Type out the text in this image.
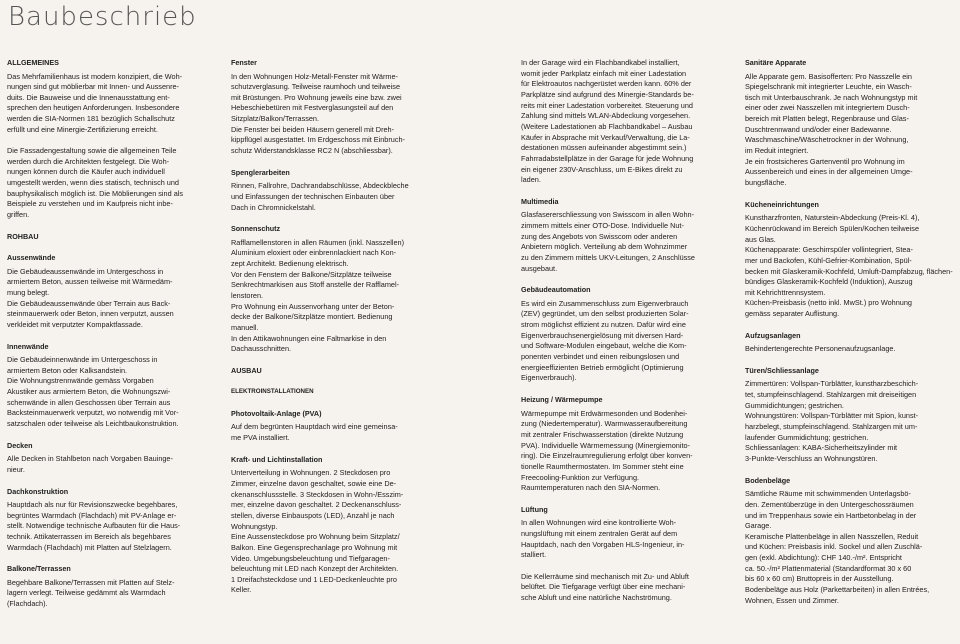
Baubeschrieb
ALLGEMEINES
Das Mehrfamilienhaus ist modern konzipiert, die Woh-
nungen sind gut möblierbar mit Innen- und Aussenre-
duits. Die Bauweise und die Innenausstattung ent-
sprechen den heutigen Anforderungen. Insbesondere
werden die SIA-Normen 181 bezüglich Schallschutz
erfüllt und eine Minergie-Zertifizierung erreicht.

Die Fassadengestaltung sowie die allgemeinen Teile
werden durch die Architekten festgelegt. Die Woh-
nungen können durch die Käufer auch individuell
umgestellt werden, wenn dies statisch, technisch und
bauphysikalisch möglich ist. Die Möblierungen sind als
Beispiele zu verstehen und im Kaufpreis nicht inbe-
griffen.
ROHBAU
Aussenwände
Die Gebäudeaussenwände im Untergeschoss in
armiertem Beton, aussen teilweise mit Wärmedäm-
mung belegt.
Die Gebäudeaussenwände über Terrain aus Back-
steinmauerwerk oder Beton, innen verputzt, aussen
verkleidet mit verputzter Kompaktfassade.
Innenwände
Die Gebäudeinnenwände im Untergeschoss in
armiertem Beton oder Kalksandstein.
Die Wohnungstrennwände gemäss Vorgaben
Akustiker aus armiertem Beton, die Wohnungszwi-
schenwände in allen Geschossen über Terrain aus
Backsteinmauerwerk verputzt, wo notwendig mit Vor-
satzschalen oder teilweise als Leichtbaukonstruktion.
Decken
Alle Decken in Stahlbeton nach Vorgaben Bauinge-
nieur.
Dachkonstruktion
Hauptdach als nur für Revisionszwecke begehbares,
begrüntes Warmdach (Flachdach) mit PV-Anlage er-
stellt. Notwendige technische Aufbauten für die Haus-
technik. Attikaterrassen im Bereich als begehbares
Warmdach (Flachdach) mit Platten auf Stelzlagern.
Balkone/Terrassen
Begehbare Balkone/Terrassen mit Platten auf Stelz-
lagern verlegt. Teilweise gedämmt als Warmdach
(Flachdach).
Fenster
In den Wohnungen Holz-Metall-Fenster mit Wärme-
schutzverglasung. Teilweise raumhoch und teilweise
mit Brüstungen. Pro Wohnung jeweils eine bzw. zwei
Hebeschiebetüren mit Festverglasungsteil auf den
Sitzplatz/Balkon/Terrassen.
Die Fenster bei beiden Häusern generell mit Dreh-
kippflügel ausgestattet. Im Erdgeschoss mit Einbruch-
schutz Widerstandsklasse RC2 N (abschliessbar).
Spenglerarbeiten
Rinnen, Fallrohre, Dachrandabschlüsse, Abdeckbleche
und Einfassungen der technischen Einbauten über
Dach in Chromnickelstahl.
Sonnenschutz
Rafflamellenstoren in allen Räumen (inkl. Nasszellen)
Aluminium eloxiert oder einbrennlackiert nach Kon-
zept Architekt. Bedienung elektrisch.
Vor den Fenstern der Balkone/Sitzplätze teilweise
Senkrechtmarkisen aus Stoff anstelle der Rafflamel-
lenstoren.
Pro Wohnung ein Aussenvorhang unter der Beton-
decke der Balkone/Sitzplätze montiert. Bedienung
manuell.
In den Attikawohnungen eine Faltmarkise in den
Dachausschnitten.
AUSBAU
ELEKTROINSTALLATIONEN
Photovoltaik-Anlage (PVA)
Auf dem begrünten Hauptdach wird eine gemeinsa-
me PVA installiert.
Kraft- und Lichtinstallation
Unterverteilung in Wohnungen. 2 Steckdosen pro
Zimmer, einzelne davon geschaltet, sowie eine De-
ckenanschlussstelle. 3 Steckdosen in Wohn-/Esszim-
mer, einzelne davon geschaltet. 2 Deckenanschluss-
stellen, diverse Einbauspots (LED), Anzahl je nach
Wohnungstyp.
Eine Aussensteckdose pro Wohnung beim Sitzplatz/
Balkon. Eine Gegensprechanlage pro Wohnung mit
Video. Umgebungsbeleuchtung und Tiefgaragen-
beleuchtung mit LED nach Konzept der Architekten.
1 Dreifachsteckdose und 1 LED-Deckenleuchte pro
Keller.
In der Garage wird ein Flachbandkabel installiert,
womit jeder Parkplatz einfach mit einer Ladestation
für Elektroautos nachgerüstet werden kann. 60% der
Parkplätze sind aufgrund des Minergie-Standards be-
reits mit einer Ladestation vorbereitet. Steuerung und
Zahlung sind mittels WLAN-Abdeckung vorgesehen.
(Weitere Ladestationen ab Flachbandkabel – Ausbau
Käufer in Absprache mit Verkauf/Verwaltung, die La-
destationen müssen aufeinander abgestimmt sein.)
Fahrradabstellplätze in der Garage für jede Wohnung
ein eigener 230V-Anschluss, um E-Bikes direkt zu
laden.
Multimedia
Glasfasererschliessung von Swisscom in allen Wohn-
zimmern mittels einer OTO-Dose. Individuelle Nut-
zung des Angebots von Swisscom oder anderen
Anbietern möglich. Verteilung ab dem Wohnzimmer
zu den Zimmern mittels UKV-Leitungen, 2 Anschlüsse
ausgebaut.
Gebäudeautomation
Es wird ein Zusammenschluss zum Eigenverbrauch
(ZEV) gegründet, um den selbst produzierten Solar-
strom möglichst effizient zu nutzen. Dafür wird eine
Eigenverbrauchsenergielösung mit diversen Hard-
und Software-Modulen eingebaut, welche die Kom-
ponenten verbindet und einen reibungslosen und
energieeffizienten Betrieb ermöglicht (Optimierung
Eigenverbrauch).
Heizung / Wärmepumpe
Wärmepumpe mit Erdwärmesonden und Bodenhei-
zung (Niedertemperatur). Warmwasseraufbereitung
mit zentraler Frischwasserstation (direkte Nutzung
PVA). Individuelle Wärmemessung (Minergiemonito-
ring). Die Einzelraumregulierung erfolgt über konven-
tionelle Raumthermostaten. Im Sommer steht eine
Freecooling-Funktion zur Verfügung.
Raumtemperaturen nach den SIA-Normen.
Lüftung
In allen Wohnungen wird eine kontrollierte Woh-
nungslüftung mit einem zentralen Gerät auf dem
Hauptdach, nach den Vorgaben HLS-Ingenieur, in-
stalliert.

Die Kellerräume sind mechanisch mit Zu- und Abluft
belüftet. Die Tiefgarage verfügt über eine mechani-
sche Abluft und eine natürliche Nachströmung.
Sanitäre Apparate
Alle Apparate gem. Basisofferten: Pro Nasszelle ein
Spiegelschrank mit integrierter Leuchte, ein Wasch-
tisch mit Unterbauschrank. Je nach Wohnungstyp mit
einer oder zwei Nasszellen mit integriertem Dusch-
bereich mit Platten belegt, Regenbrause und Glas-
Duschtrennwand und/oder einer Badewanne.
Waschmaschine/Wäschetrockner in der Wohnung,
im Reduit integriert.
Je ein frostsicheres Gartenventil pro Wohnung im
Aussenbereich und eines in der allgemeinen Umge-
bungsfläche.
Kücheneinrichtungen
Kunstharzfronten, Naturstein-Abdeckung (Preis-Kl. 4),
Küchenrückwand im Bereich Spülen/Kochen teilweise
aus Glas.
Küchenapparate: Geschirrspüler vollintegriert, Stea-
mer und Backofen, Kühl-Gefrier-Kombination, Spül-
becken mit Glaskeramik-Kochfeld, Umluft-Dampfabzug, flächen-
bündiges Glaskeramik-Kochfeld (Induktion), Auszug
mit Kehrichttrennsystem.
Küchen-Preisbasis (netto inkl. MwSt.) pro Wohnung
gemäss separater Auflistung.
Aufzugsanlagen
Behindertengerechte Personenaufzugsanlage.
Türen/Schliessanlage
Zimmertüren: Vollspan-Türblätter, kunstharzbeschich-
tet, stumpfeinschlagend. Stahlzargen mit dreiseitigen
Gummidichtungen; gestrichen.
Wohnungstüren: Vollspan-Türblätter mit Spion, kunst-
harzbelegt, stumpfeinschlagend. Stahlzargen mit um-
laufender Gummidichtung; gestrichen.
Schliessanlagen: KABA-Sicherheitszylinder mit
3-Punkte-Verschluss an Wohnungstüren.
Bodenbeläge
Sämtliche Räume mit schwimmenden Unterlagsbö-
den. Zementüberzüge in den Untergeschossräumen
und im Treppenhaus sowie ein Hartbetonbelag in der
Garage.
Keramische Plattenbeläge in allen Nasszellen, Reduit
und Küchen: Preisbasis inkl. Sockel und allen Zuschlä-
gen (exkl. Abdichtung): CHF 140.-/m². Entspricht
ca. 50.-/m² Plattenmaterial (Standardformat 30 x 60
bis 60 x 60 cm) Bruttopreis in der Ausstellung.
Bodenbeläge aus Holz (Parkettarbeiten) in allen Entrées,
Wohnen, Essen und Zimmer.
